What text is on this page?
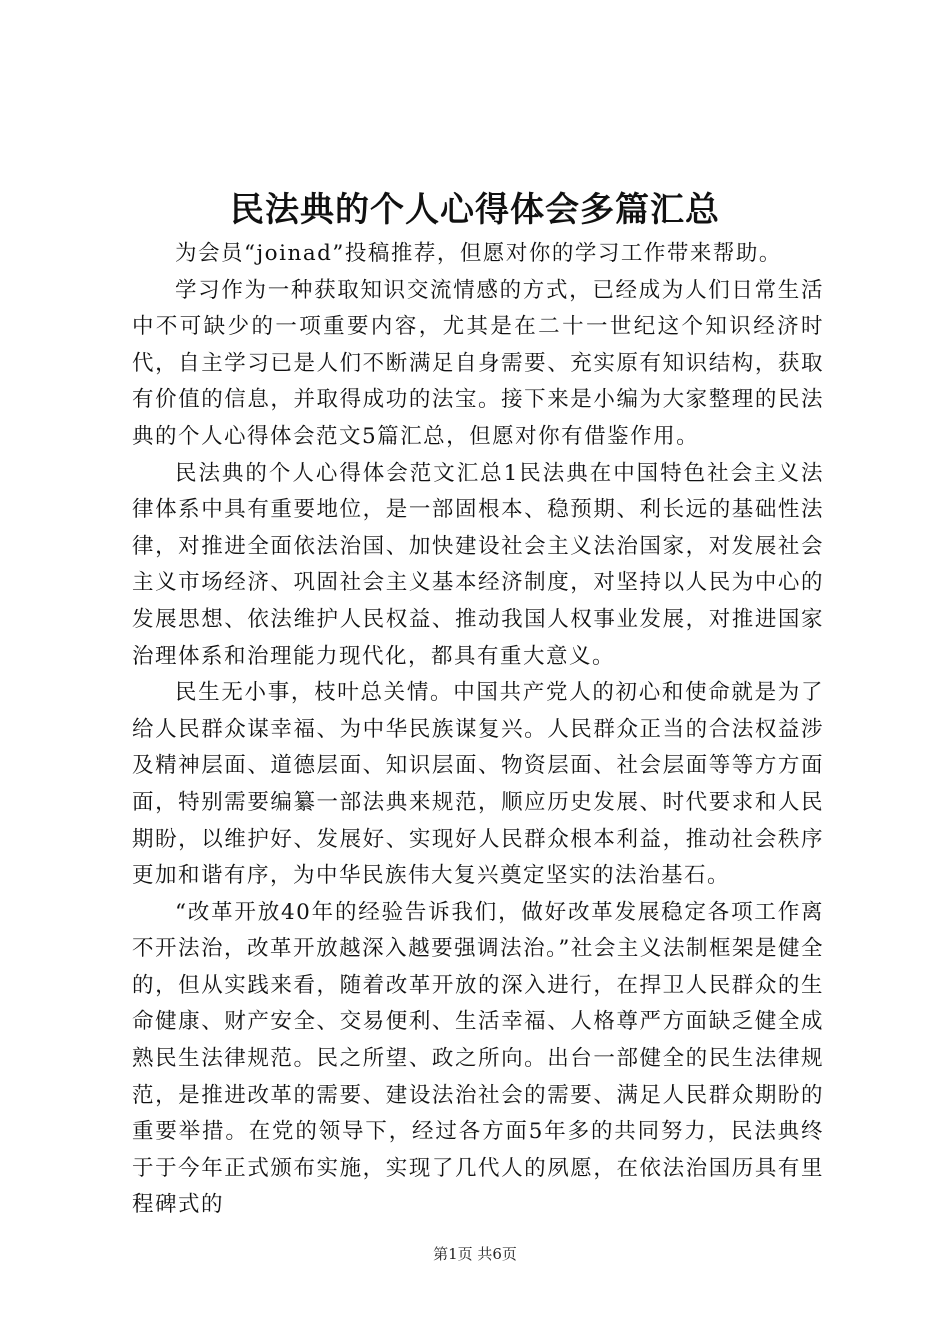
民法典的个人心得体会多篇汇总

为会员“joinad”投稿推荐，但愿对你的学习工作带来帮助。

学习作为一种获取知识交流情感的方式，已经成为人们日常生活中不可缺少的一项重要内容，尤其是在二十一世纪这个知识经济时代，自主学习已是人们不断满足自身需要、充实原有知识结构，获取有价值的信息，并取得成功的法宝。接下来是小编为大家整理的民法典的个人心得体会范文5篇汇总，但愿对你有借鉴作用。

民法典的个人心得体会范文汇总1民法典在中国特色社会主义法律体系中具有重要地位，是一部固根本、稳预期、利长远的基础性法律，对推进全面依法治国、加快建设社会主义法治国家，对发展社会主义市场经济、巩固社会主义基本经济制度，对坚持以人民为中心的发展思想、依法维护人民权益、推动我国人权事业发展，对推进国家治理体系和治理能力现代化，都具有重大意义。

民生无小事，枝叶总关情。中国共产党人的初心和使命就是为了给人民群众谋幸福、为中华民族谋复兴。人民群众正当的合法权益涉及精神层面、道德层面、知识层面、物资层面、社会层面等等方方面面，特别需要编纂一部法典来规范，顺应历史发展、时代要求和人民期盼，以维护好、发展好、实现好人民群众根本利益，推动社会秩序更加和谐有序，为中华民族伟大复兴奠定坚实的法治基石。

“改革开放40年的经验告诉我们，做好改革发展稳定各项工作离不开法治，改革开放越深入越要强调法治。”社会主义法制框架是健全的，但从实践来看，随着改革开放的深入进行，在捍卫人民群众的生命健康、财产安全、交易便利、生活幸福、人格尊严方面缺乏健全成熟民生法律规范。民之所望、政之所向。出台一部健全的民生法律规范，是推进改革的需要、建设法治社会的需要、满足人民群众期盼的重要举措。在党的领导下，经过各方面5年多的共同努力，民法典终于于今年正式颁布实施，实现了几代人的夙愿，在依法治国历具有里程碑式的

第1页 共6页
